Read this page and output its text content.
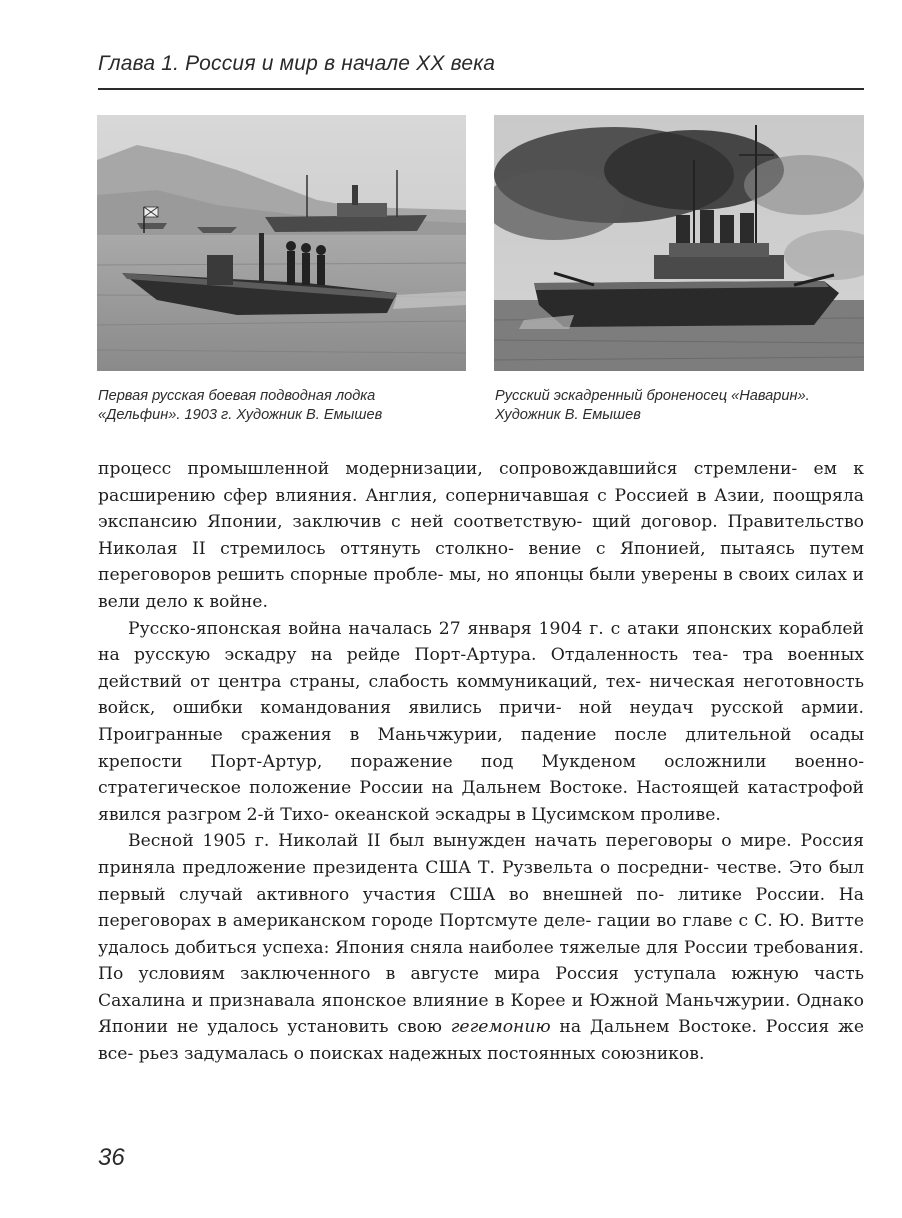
Глава 1. Россия и мир в начале XX века
Первая русская боевая подводная лодка
«Дельфин». 1903 г. Художник В. Емышев
Русский эскадренный броненосец «Наварин».
Художник В. Емышев

процесс промышленной модернизации, сопровождавшийся стремлени- ем к расширению сфер влияния. Англия, соперничавшая с Россией в Азии, поощряла экспансию Японии, заключив с ней соответствую- щий договор. Правительство Николая II стремилось оттянуть столкно- вение с Японией, пытаясь путем переговоров решить спорные пробле- мы, но японцы были уверены в своих силах и вели дело к войне.

Русско-японская война началась 27 января 1904 г. с атаки японских кораблей на русскую эскадру на рейде Порт-Артура. Отдаленность теа- тра военных действий от центра страны, слабость коммуникаций, тех- ническая неготовность войск, ошибки командования явились причи- ной неудач русской армии. Проигранные сражения в Маньчжурии, падение после длительной осады крепости Порт-Артур, поражение под Мукденом осложнили военно-стратегическое положение России на Дальнем Востоке. Настоящей катастрофой явился разгром 2-й Тихо- океанской эскадры в Цусимском проливе.

Весной 1905 г. Николай II был вынужден начать переговоры о мире. Россия приняла предложение президента США Т. Рузвельта о посредни- честве. Это был первый случай активного участия США во внешней по- литике России. На переговорах в американском городе Портсмуте деле- гации во главе с С. Ю. Витте удалось добиться успеха: Япония сняла наиболее тяжелые для России требования. По условиям заключенного в августе мира Россия уступала южную часть Сахалина и признавала японское влияние в Корее и Южной Маньчжурии. Однако Японии не удалось установить свою гегемонию на Дальнем Востоке. Россия же все- рьез задумалась о поисках надежных постоянных союзников.

36
